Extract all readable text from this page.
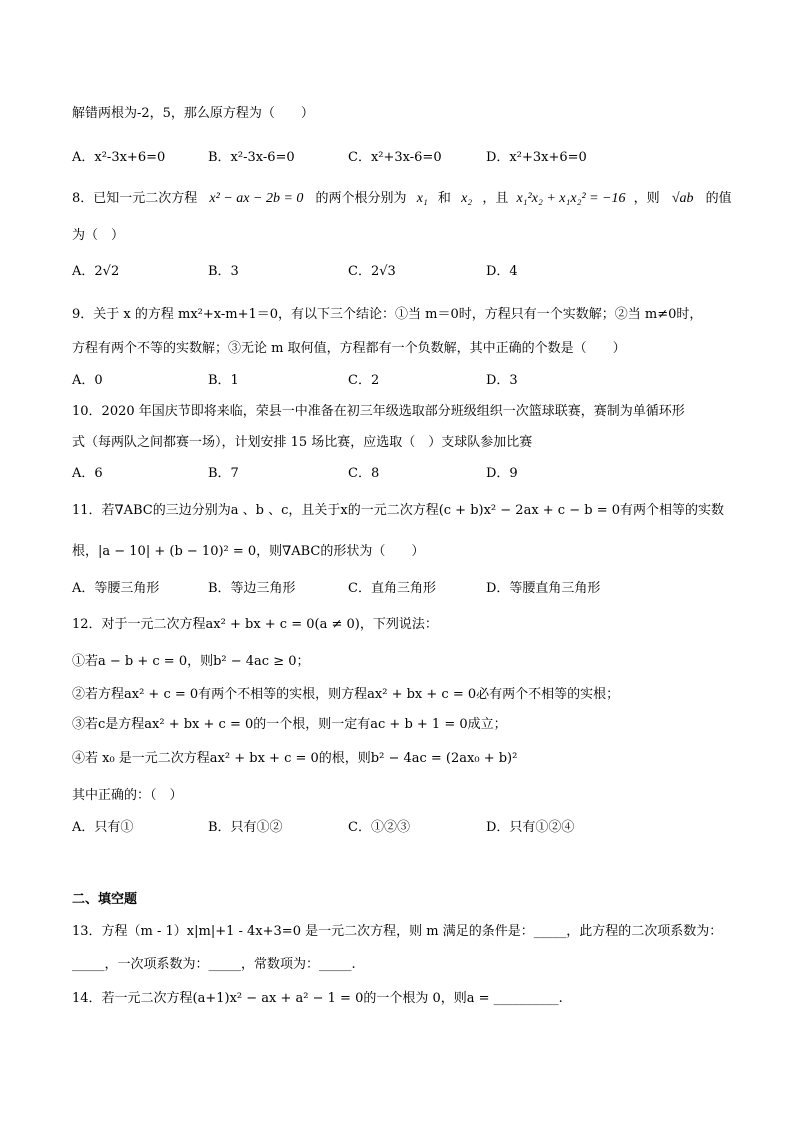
解错两根为-2，5，那么原方程为（　　）
A．x²-3x+6=0	B．x²-3x-6=0	C．x²+3x-6=0	D．x²+3x+6=0
8．已知一元二次方程 x² − ax − 2b = 0 的两个根分别为 x₁ 和 x₂ ，且 x₁²x₂ + x₁x₂² = −16 ，则 √ab 的值
为（　）
A．2√2	B．3	C．2√3	D．4
9．关于 x 的方程 mx²+x-m+1＝0，有以下三个结论：①当 m＝0时，方程只有一个实数解；②当 m≠0时，
方程有两个不等的实数解；③无论 m 取何值，方程都有一个负数解，其中正确的个数是（　　）
A．0	B．1	C．2	D．3
10．2020 年国庆节即将来临，荣县一中准备在初三年级选取部分班级组织一次篮球联赛，赛制为单循环形
式（每两队之间都赛一场），计划安排 15 场比赛，应选取（　）支球队参加比赛
A．6	B．7	C．8	D．9
11．若∇ABC的三边分别为a 、b 、c，且关于x的一元二次方程(c + b)x² − 2ax + c − b = 0有两个相等的实数
根，|a − 10| + (b − 10)² = 0，则∇ABC的形状为（　　）
A．等腰三角形	B．等边三角形	C．直角三角形	D．等腰直角三角形
12．对于一元二次方程ax² + bx + c = 0(a ≠ 0)，下列说法：
①若a − b + c = 0，则b² − 4ac ≥ 0；
②若方程ax² + c = 0有两个不相等的实根，则方程ax² + bx + c = 0必有两个不相等的实根；
③若c是方程ax² + bx + c = 0的一个根，则一定有ac + b + 1 = 0成立；
④若 x₀ 是一元二次方程ax² + bx + c = 0的根，则b² − 4ac = (2ax₀ + b)²
其中正确的：（　）
A．只有①	B．只有①②	C．①②③	D．只有①②④
二、填空题
13．方程（m - 1）x|m|+1 - 4x+3=0 是一元二次方程，则 m 满足的条件是：_____，此方程的二次项系数为：
_____，一次项系数为：_____，常数项为：_____.
14．若一元二次方程(a+1)x² − ax + a² − 1 = 0的一个根为 0，则a = __________.
